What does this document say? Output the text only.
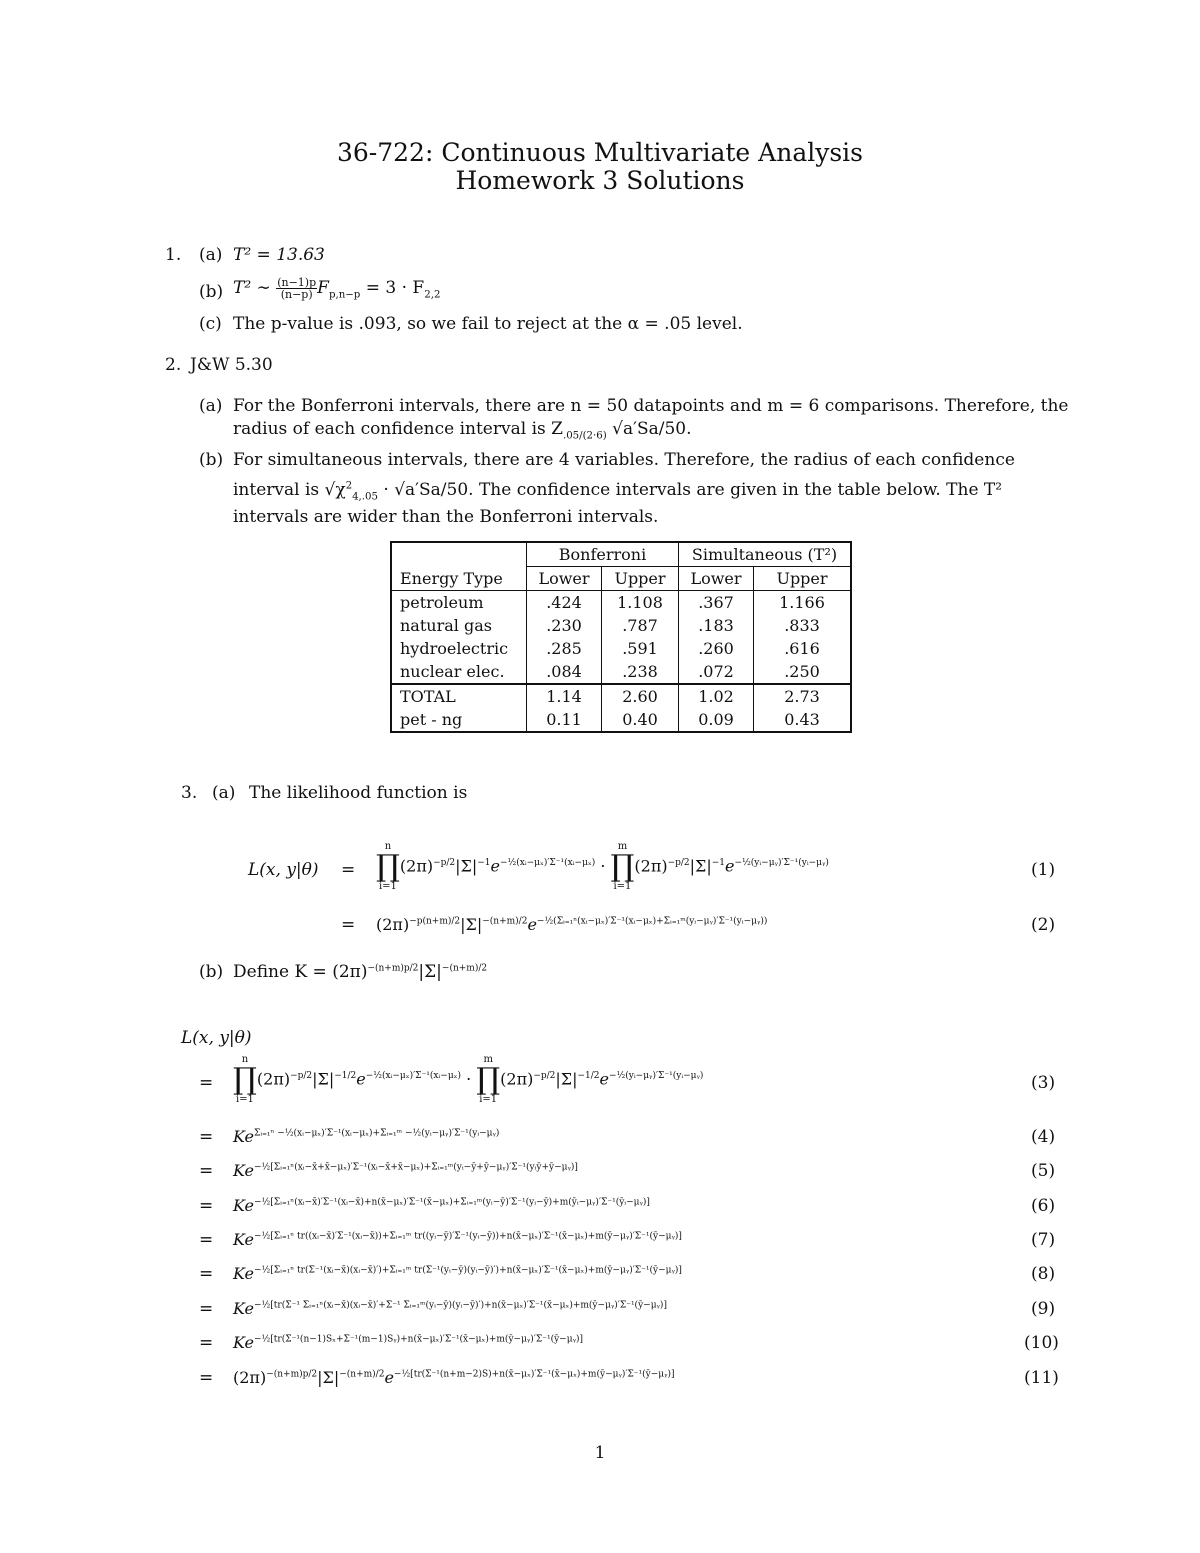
36-722: Continuous Multivariate Analysis
Homework 3 Solutions
1. (a) T² = 13.63
(b) T² ∼ $\frac{(n-1)p}{(n-p)} F_{p,n-p} = 3 \cdot F_{2,2}$
(c) The p-value is .093, so we fail to reject at the α = .05 level.
2. J&W 5.30
(a) For the Bonferroni intervals, there are n = 50 datapoints and m = 6 comparisons. Therefore, the
radius of each confidence interval is $Z_{.05/(2\cdot 6)}$ √a′Sa/50.
(b) For simultaneous intervals, there are 4 variables. Therefore, the radius of each confidence
interval is $√\chi^2_{4,.05} \cdot √a'Sa/50$. The confidence intervals are given in the table below. The T²
intervals are wider than the Bonferroni intervals.
	Bonferroni		Simultaneous (T²)	
Energy Type	Lower	Upper	Lower	Upper
petroleum	.424	1.108	.367	1.166
natural gas	.230	.787	.183	.833
hydroelectric	.285	.591	.260	.616
nuclear elec.	.084	.238	.072	.250
TOTAL	1.14	2.60	1.02	2.73
pet - ng	0.11	0.40	0.09	0.43
3. (a) The likelihood function is
L(x, y|θ) =
n
∏
i=1
$(2\pi)^{-p/2}|\Sigma|^{-1}e^{-\frac{1}{2}(xᵢ-\mu_x)'\Sigma^{-1}(xᵢ-\mu_x)}$ ·
m
∏
i=1
$(2\pi)^{-p/2}|\Sigma|^{-1}e^{-\frac{1}{2}(yᵢ-\mu ᵧ)'\Sigma^{-1}(yᵢ-\mu ᵧ)}$	(1)
= $(2\pi)^{-p(n+m)/2}|\Sigma|^{-(n+m)/2}e^{-\frac{1}{2}(\Sigma ᵢ_{=1}^n(xᵢ-\mu_x)'\Sigma^{-1}(xᵢ-\mu_x)+\Sigma ᵢ_{=1}ᵐ(yᵢ-\mu ᵧ)'\Sigma^{-1}(yᵢ-\mu ᵧ))}$	(2)
(b) Define $K = (2\pi)^{-(n+m)p/2}|\Sigma|^{-(n+m)/2}$
L(x, y|θ)
=
n
∏
i=1
$(2\pi)^{-p/2}|\Sigma|^{-1/2}e^{-\frac{1}{2}(xᵢ-\mu_x)'\Sigma^{-1}(xᵢ-\mu_x)}$ ·
m
∏
i=1
$(2\pi)^{-p/2}|\Sigma|^{-1/2}e^{-\frac{1}{2}(yᵢ-\mu ᵧ)'\Sigma^{-1}(yᵢ-\mu ᵧ)}$	(3)
= $Ke^{\Sigma ᵢ_{=1}^n -\frac{1}{2}(xᵢ-\mu_x)'\Sigma^{-1}(xᵢ-\mu_x)+\Sigma ᵢ_{=1}ᵐ -\frac{1}{2}(yᵢ-\mu ᵧ)'\Sigma^{-1}(yᵢ-\mu ᵧ)}$	(4)
= $Ke^{-\frac{1}{2}[\Sigma ᵢ_{=1}^n(xᵢ-x̄+x̄-\mu_x)'\Sigma^{-1}(xᵢ-x̄+x̄-\mu_x)+\Sigma ᵢ_{=1}ᵐ(yᵢ-ȳ+ȳ-\mu ᵧ)'\Sigma^{-1}(yᵢȳ+ȳ-\mu ᵧ)]}$	(5)
= $Ke^{-\frac{1}{2}[\Sigma ᵢ_{=1}^n(xᵢ-x̄)'\Sigma^{-1}(xᵢ-x̄)+n(x̄-\mu_x)'\Sigma^{-1}(x̄-\mu_x)+\Sigma ᵢ_{=1}ᵐ(yᵢ-ȳ)'\Sigma^{-1}(yᵢ-ȳ)+m(ȳᵢ-\mu ᵧ)'\Sigma^{-1}(ȳᵢ-\mu ᵧ)]}$	(6)
= $Ke^{-\frac{1}{2}[\Sigma ᵢ_{=1}^n tr((xᵢ-x̄)'\Sigma^{-1}(xᵢ-x̄))+\Sigma ᵢ_{=1}ᵐ tr((yᵢ-ȳ)'\Sigma^{-1}(yᵢ-ȳ))+n(x̄-\mu_x)'\Sigma^{-1}(x̄-\mu_x)+m(ȳ-\mu ᵧ)'\Sigma^{-1}(ȳ-\mu ᵧ)]}$	(7)
= $Ke^{-\frac{1}{2}[\Sigma ᵢ_{=1}^n tr(\Sigma^{-1}(xᵢ-x̄)(xᵢ-x̄)')+\Sigma ᵢ_{=1}ᵐ tr(\Sigma^{-1}(yᵢ-ȳ)(yᵢ-ȳ)')+n(x̄-\mu_x)'\Sigma^{-1}(x̄-\mu_x)+m(ȳ-\mu ᵧ)'\Sigma^{-1}(ȳ-\mu ᵧ)]}$	(8)
= $Ke^{-\frac{1}{2}[tr(\Sigma^{-1} \Sigma ᵢ_{=1}^n(xᵢ-x̄)(xᵢ-x̄)'+\Sigma^{-1} \Sigma ᵢ_{=1}ᵐ(yᵢ-ȳ)(yᵢ-ȳ)')+n(x̄-\mu_x)'\Sigma^{-1}(x̄-\mu_x)+m(ȳ-\mu ᵧ)'\Sigma^{-1}(ȳ-\mu ᵧ)]}$	(9)
= $Ke^{-\frac{1}{2}[tr(\Sigma^{-1}(n-1)S_x+\Sigma^{-1}(m-1)Sᵧ)+n(x̄-\mu_x)'\Sigma^{-1}(x̄-\mu_x)+m(ȳ-\mu ᵧ)'\Sigma^{-1}(ȳ-\mu ᵧ)]}$	(10)
= $(2\pi)^{-(n+m)p/2}|\Sigma|^{-(n+m)/2}e^{-\frac{1}{2}[tr(\Sigma^{-1}(n+m-2)S)+n(x̄-\mu_x)'\Sigma^{-1}(x̄-\mu_x)+m(ȳ-\mu ᵧ)'\Sigma^{-1}(ȳ-\mu ᵧ)]}$	(11)
1
